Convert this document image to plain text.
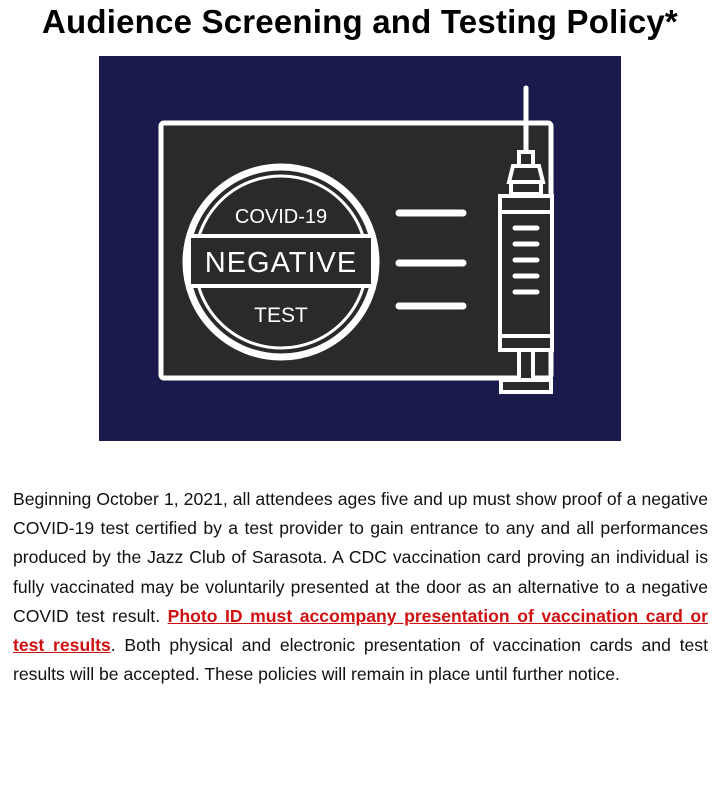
Audience Screening and Testing Policy*
COVID-19
NEGATIVE
TEST
Beginning October 1, 2021, all attendees ages five and up must show proof of a negative COVID-19 test certified by a test provider to gain entrance to any and all performances produced by the Jazz Club of Sarasota. A CDC vaccination card proving an individual is fully vaccinated may be voluntarily presented at the door as an alternative to a negative COVID test result. Photo ID must accompany presentation of vaccination card or test results. Both physical and electronic presentation of vaccination cards and test results will be accepted. These policies will remain in place until further notice.
